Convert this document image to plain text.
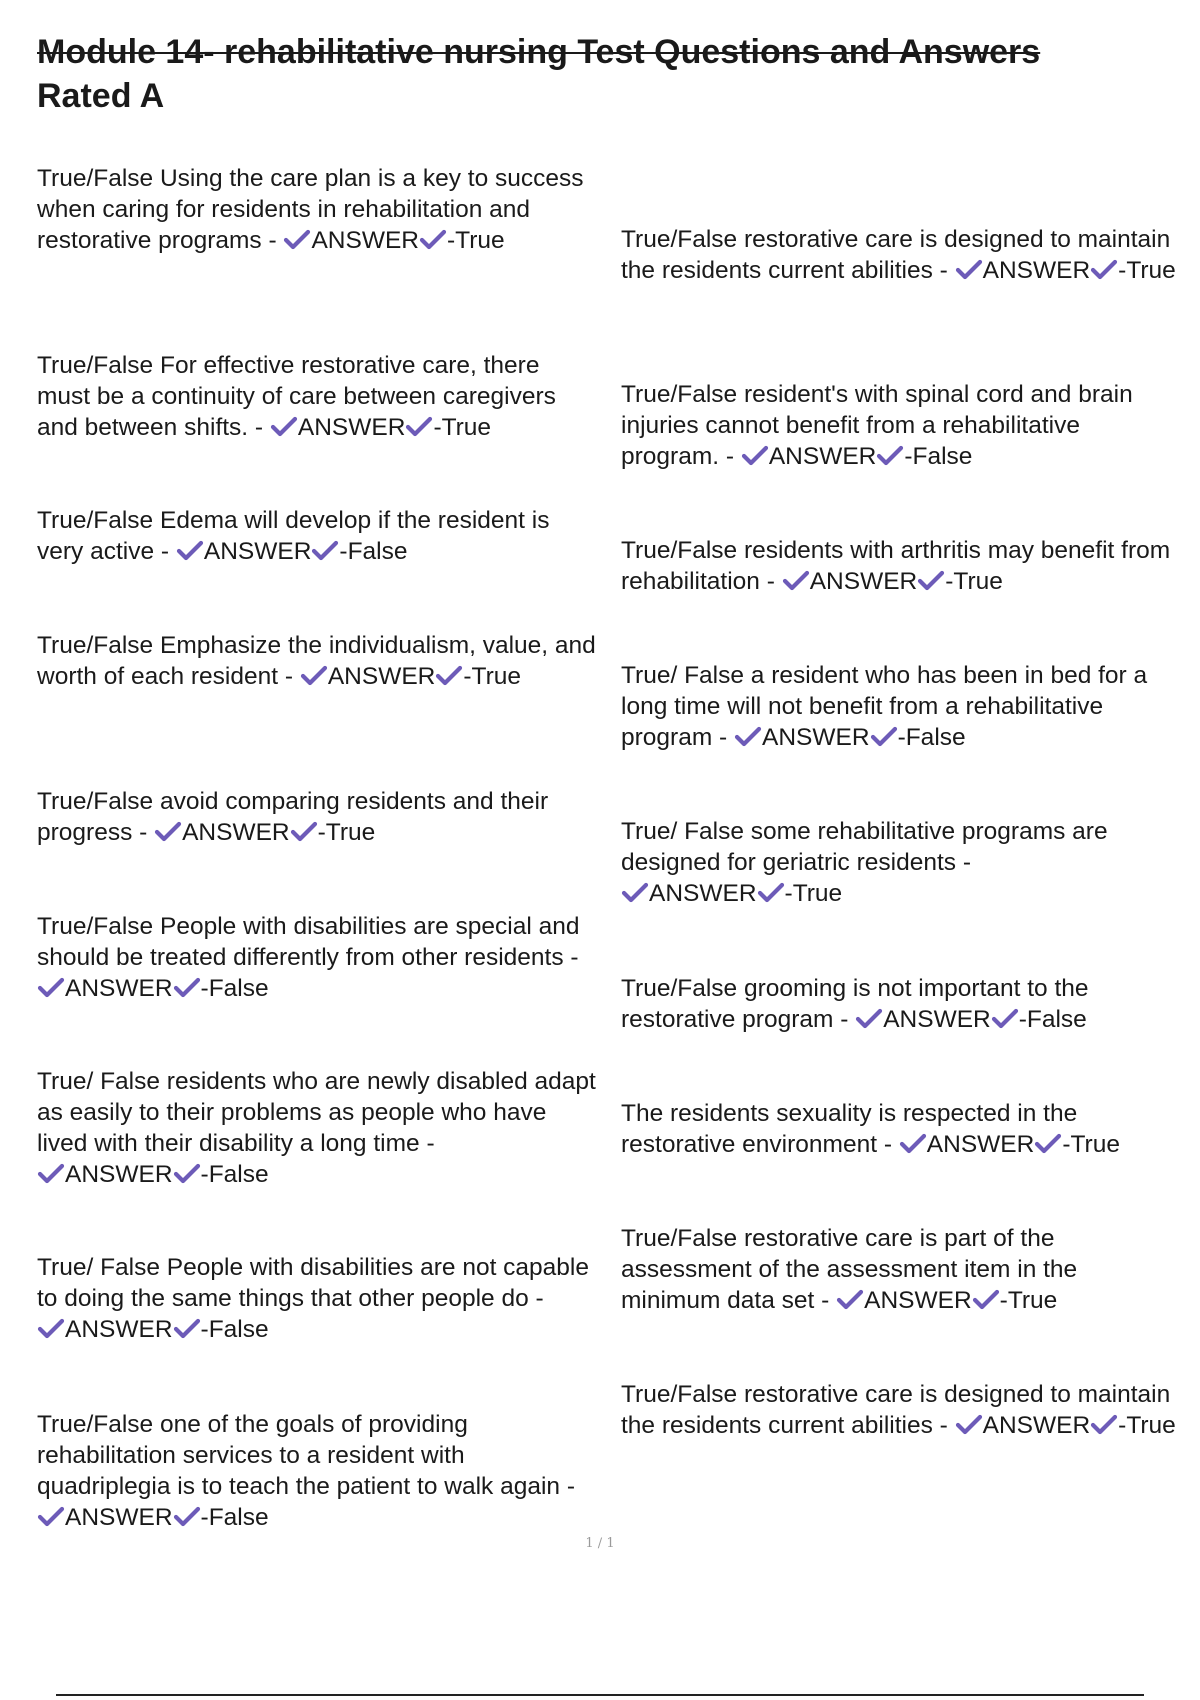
Module 14- rehabilitative nursing Test Questions and Answers
Rated A
True/False Using the care plan is a key to success when caring for residents in rehabilitation and restorative programs -
ANSWER -True
True/False For effective restorative care, there must be a continuity of care between caregivers and between shifts. -
ANSWER -True
True/False Edema will develop if the resident is very active -
ANSWER -False
True/False Emphasize the individualism, value, and worth of each resident -
ANSWER -True
True/False avoid comparing residents and their progress -
ANSWER -True
True/False People with disabilities are special and should be treated differently from other residents -
ANSWER -False
True/ False residents who are newly disabled adapt as easily to their problems as people who have lived with their disability a long time -
ANSWER -False
True/ False People with disabilities are not capable to doing the same things that other people do -
ANSWER -False
True/False one of the goals of providing rehabilitation services to a resident with quadriplegia is to teach the patient to walk again -
ANSWER -False
True/False restorative care is designed to maintain the residents current abilities -
ANSWER -True
True/False resident's with spinal cord and brain injuries cannot benefit from a rehabilitative program. -
ANSWER -False
True/False residents with arthritis may benefit from rehabilitation -
ANSWER -True
True/ False a resident who has been in bed for a long time will not benefit from a rehabilitative program -
ANSWER -False
True/ False some rehabilitative programs are designed for geriatric residents -
ANSWER -True
True/False grooming is not important to the restorative program -
ANSWER -False
The residents sexuality is respected in the restorative environment -
ANSWER -True
True/False restorative care is part of the assessment of the assessment item in the minimum data set -
ANSWER -True
True/False restorative care is designed to maintain the residents current abilities -
ANSWER -True
1 / 1
